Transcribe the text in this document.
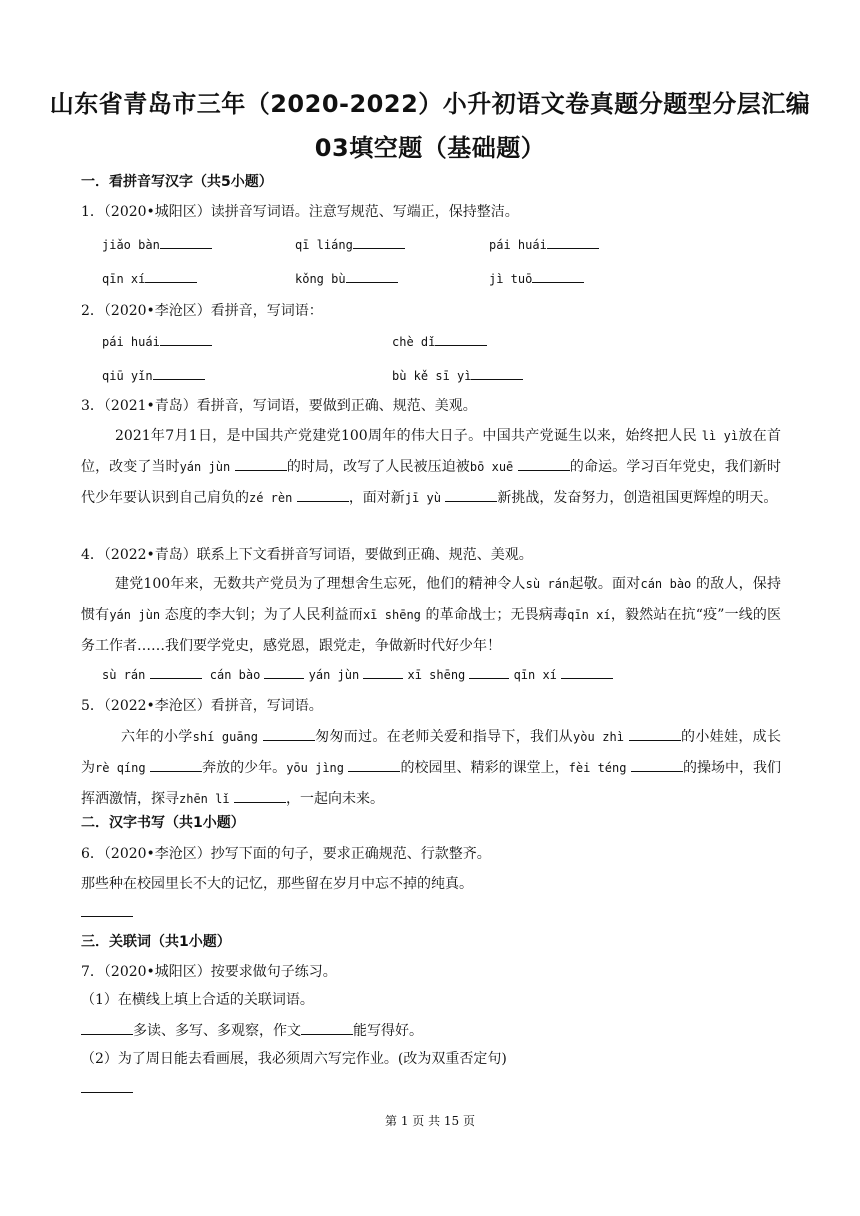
山东省青岛市三年（2020-2022）小升初语文卷真题分题型分层汇编
03填空题（基础题）
一．看拼音写汉字（共5小题）
1．（2020•城阳区）读拼音写词语。注意写规范、写端正，保持整洁。
jiǎo bàn	qī liáng	pái huái
qīn xí	kǒng bù	jì tuō
2．（2020•李沧区）看拼音，写词语：
pái huái	chè dǐ
qiū yǐn	bù kě sī yì
3．（2021•青岛）看拼音，写词语，要做到正确、规范、美观。
2021年7月1日，是中国共产党建党100周年的伟大日子。中国共产党诞生以来，始终把人民 lì yì放在首位，改变了当时yán jùn	的时局，改写了人民被压迫被bō xuē	的命运。学习百年党史，我们新时代少年要认识到自己肩负的zé rèn	，面对新jī yù	新挑战，发奋努力，创造祖国更辉煌的明天。
4．（2022•青岛）联系上下文看拼音写词语，要做到正确、规范、美观。
建党100年来，无数共产党员为了理想舍生忘死，他们的精神令人sù rán起敬。面对cán bào 的敌人，保持惯有yán jùn 态度的李大钊；为了人民利益而xī shēng 的革命战士；无畏病毒qīn xí，毅然站在抗“疫”一线的医务工作者……我们要学党史，感党恩，跟党走，争做新时代好少年！
sù rán	cán bào	yán jùn	xī shēng	qīn xí
5．（2022•李沧区）看拼音，写词语。
六年的小学shí guāng	匆匆而过。在老师关爱和指导下，我们从yòu zhì	的小娃娃，成长为rè qíng	奔放的少年。yōu jìng	的校园里、精彩的课堂上，fèi téng	的操场中，我们挥洒激情，探寻zhēn lǐ	，一起向未来。
二．汉字书写（共1小题）
6．（2020•李沧区）抄写下面的句子，要求正确规范、行款整齐。
那些种在校园里长不大的记忆，那些留在岁月中忘不掉的纯真。
三．关联词（共1小题）
7．（2020•城阳区）按要求做句子练习。
（1）在横线上填上合适的关联词语。
多读、多写、多观察，作文	能写得好。
（2）为了周日能去看画展，我必须周六写完作业。(改为双重否定句)
第 1 页 共 15 页
